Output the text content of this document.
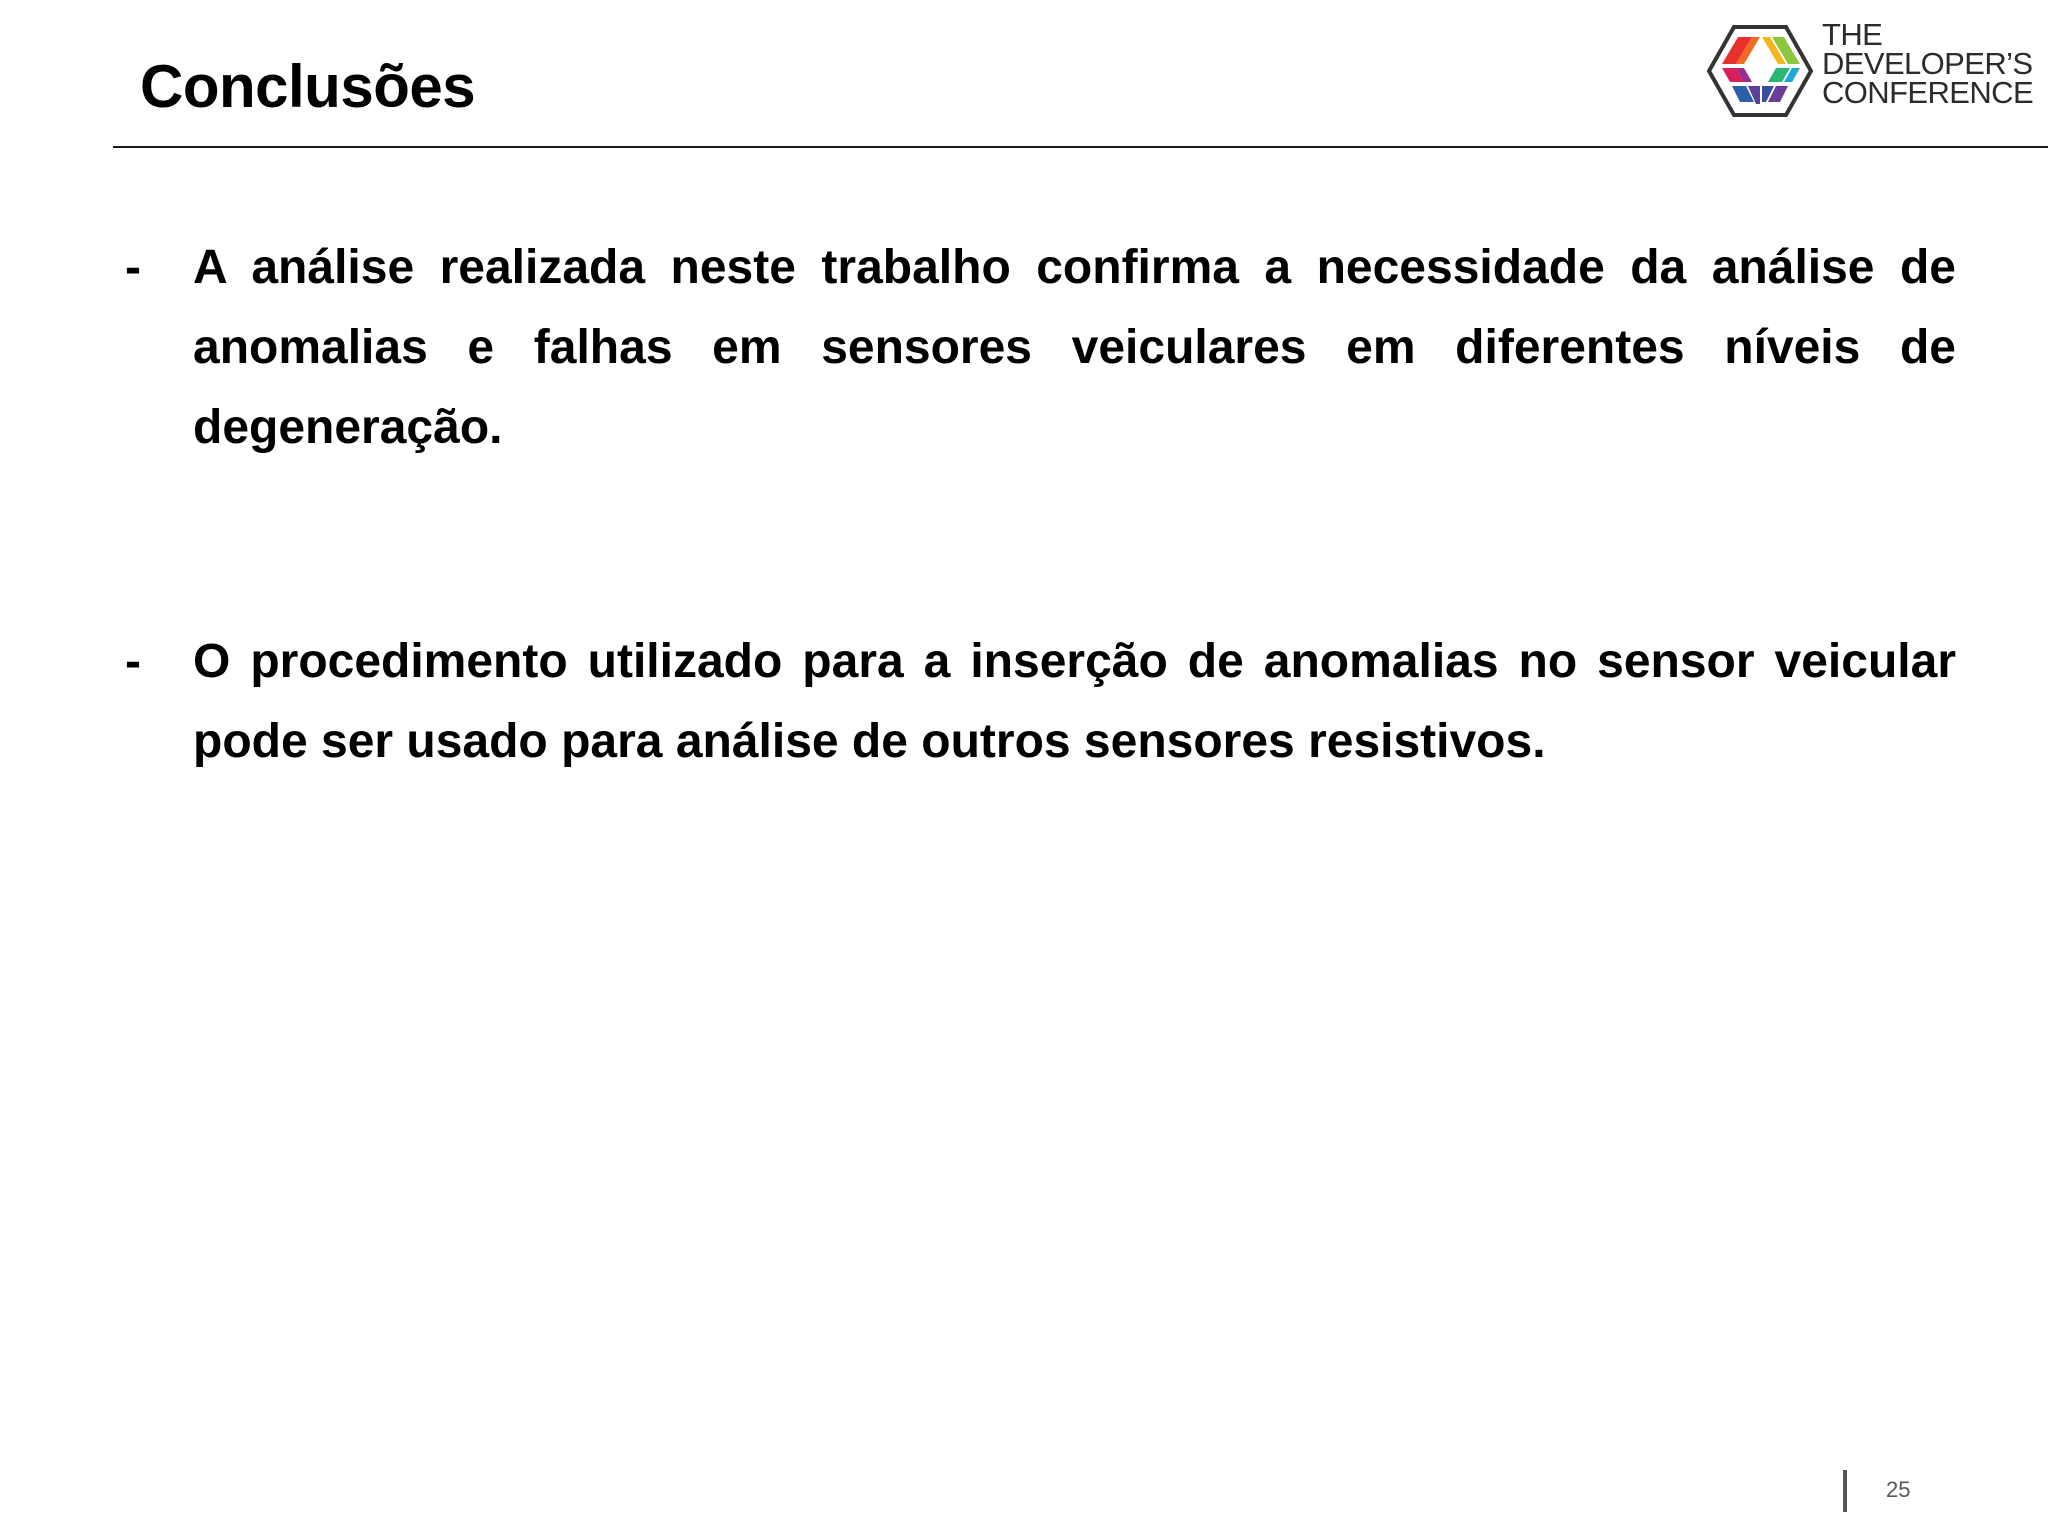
Conclusões
THE
DEVELOPER’S
CONFERENCE
-	A análise realizada neste trabalho confirma a necessidade da análise de anomalias e falhas em sensores veiculares em diferentes níveis de degeneração.
-	O procedimento utilizado para a inserção de anomalias no sensor veicular pode ser usado para análise de outros sensores resistivos.
25
